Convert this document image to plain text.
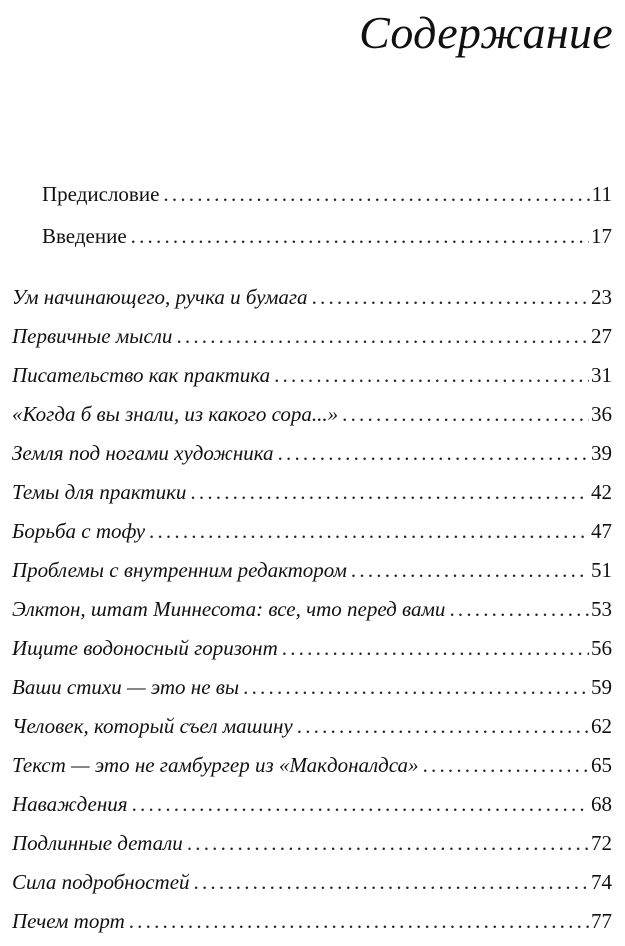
Содержание
Предисловие .....	11
Введение .....	17
Ум начинающего, ручка и бумага .....	23
Первичные мысли .....	27
Писательство как практика .....	31
«Когда б вы знали, из какого сора...» .....	36
Земля под ногами художника .....	39
Темы для практики .....	42
Борьба с тофу .....	47
Проблемы с внутренним редактором .....	51
Элктон, штат Миннесота: все, что перед вами .....	53
Ищите водоносный горизонт .....	56
Ваши стихи — это не вы .....	59
Человек, который съел машину .....	62
Текст — это не гамбургер из «Макдоналдса» .....	65
Наваждения .....	68
Подлинные детали .....	72
Сила подробностей .....	74
Печем торт .....	77
